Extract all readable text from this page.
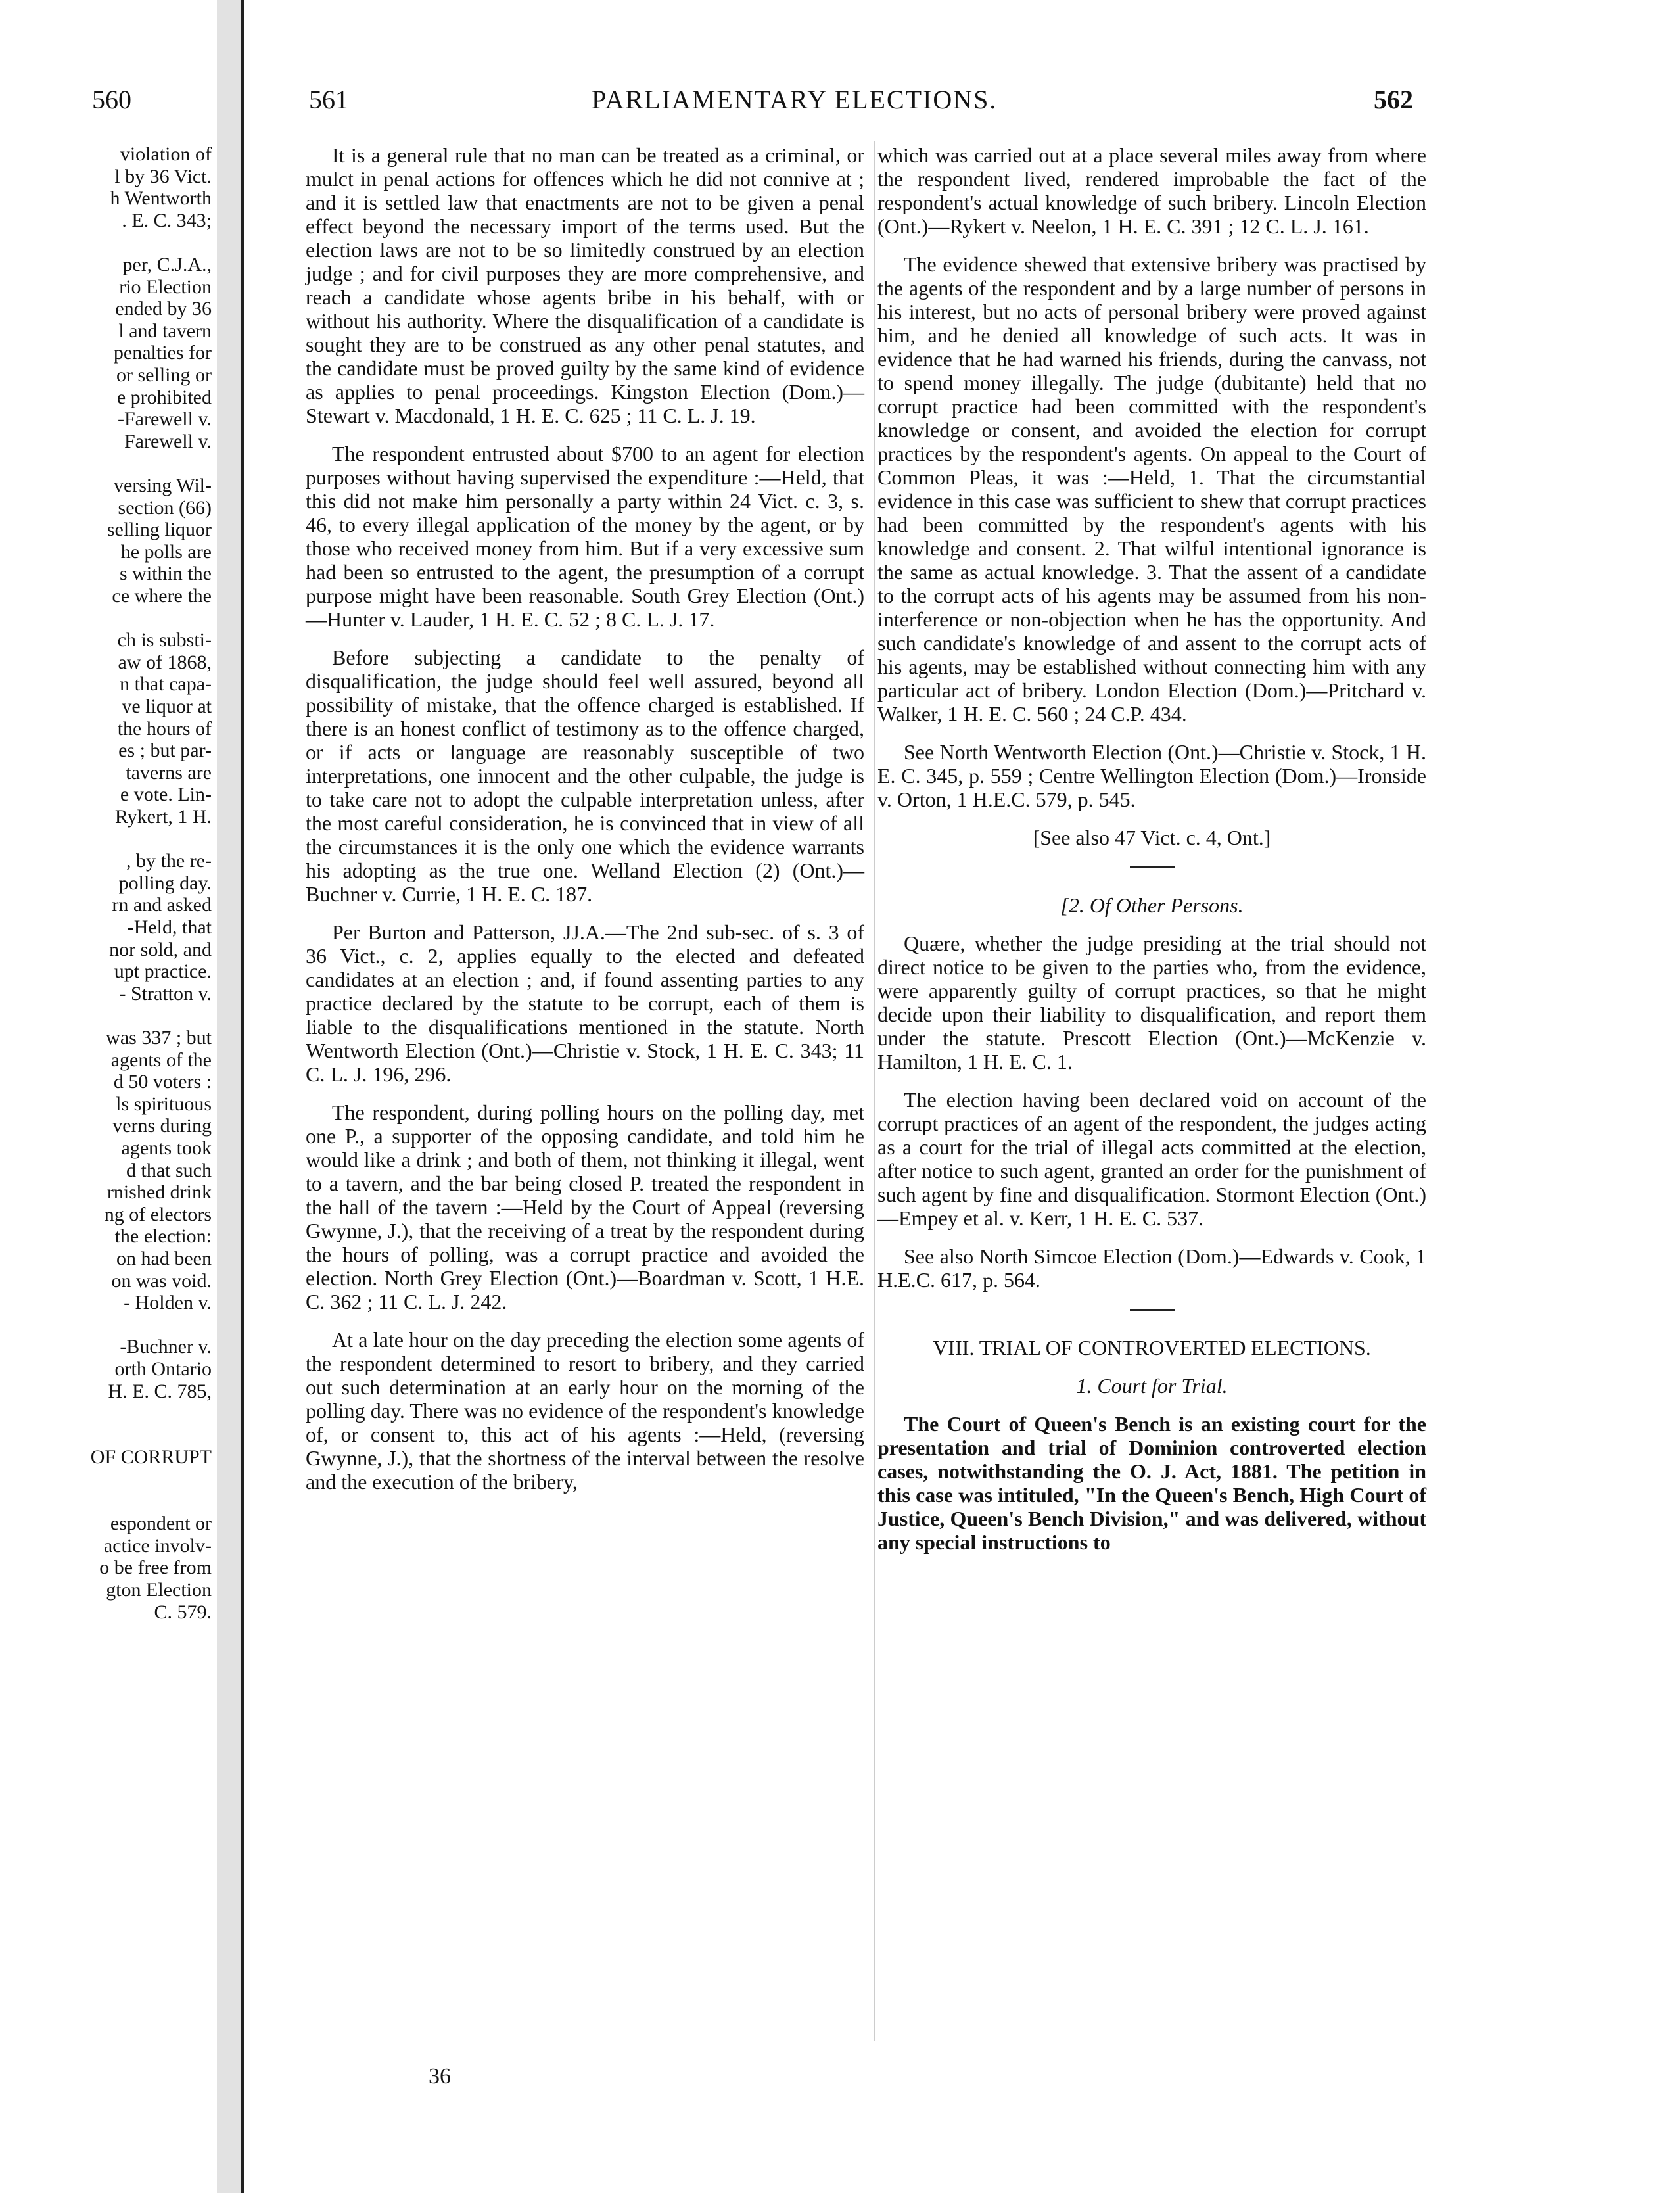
560
violation of
l by 36 Vict.
h Wentworth
. E. C. 343;
per, C.J.A.,
rio Election
ended by 36
l and tavern
penalties for
or selling or
e prohibited
-Farewell v.
Farewell v.
versing Wil-
section (66)
selling liquor
he polls are
s within the
ce where the
ch is substi-
aw of 1868,
n that capa-
ve liquor at
the hours of
es ; but par-
taverns are
e vote. Lin-
Rykert, 1 H.
, by the re-
polling day.
rn and asked
-Held, that
nor sold, and
upt practice.
- Stratton v.
was 337 ; but
agents of the
d 50 voters :
ls spirituous
verns during
agents took
d that such
rnished drink
ng of electors
the election:
on had been
on was void.
- Holden v.
-Buchner v.
orth Ontario
H. E. C. 785,
OF CORRUPT
espondent or
actice involv-
o be free from
gton Election
C. 579.
561	PARLIAMENTARY ELECTIONS.	562

It is a general rule that no man can be treated as a criminal, or mulct in penal actions for offences which he did not connive at ; and it is settled law that enactments are not to be given a penal effect beyond the necessary import of the terms used. But the election laws are not to be so limitedly construed by an election judge ; and for civil purposes they are more comprehensive, and reach a candidate whose agents bribe in his behalf, with or without his authority. Where the disqualification of a candidate is sought they are to be construed as any other penal statutes, and the candidate must be proved guilty by the same kind of evidence as applies to penal proceedings. Kingston Election (Dom.)—Stewart v. Macdonald, 1 H. E. C. 625 ; 11 C. L. J. 19.

The respondent entrusted about $700 to an agent for election purposes without having supervised the expenditure :—Held, that this did not make him personally a party within 24 Vict. c. 3, s. 46, to every illegal application of the money by the agent, or by those who received money from him. But if a very excessive sum had been so entrusted to the agent, the presumption of a corrupt purpose might have been reasonable. South Grey Election (Ont.)—Hunter v. Lauder, 1 H. E. C. 52 ; 8 C. L. J. 17.

Before subjecting a candidate to the penalty of disqualification, the judge should feel well assured, beyond all possibility of mistake, that the offence charged is established. If there is an honest conflict of testimony as to the offence charged, or if acts or language are reasonably susceptible of two interpretations, one innocent and the other culpable, the judge is to take care not to adopt the culpable interpretation unless, after the most careful consideration, he is convinced that in view of all the circumstances it is the only one which the evidence warrants his adopting as the true one. Welland Election (2) (Ont.)—Buchner v. Currie, 1 H. E. C. 187.

Per Burton and Patterson, JJ.A.—The 2nd sub-sec. of s. 3 of 36 Vict., c. 2, applies equally to the elected and defeated candidates at an election ; and, if found assenting parties to any practice declared by the statute to be corrupt, each of them is liable to the disqualifications mentioned in the statute. North Wentworth Election (Ont.)—Christie v. Stock, 1 H. E. C. 343; 11 C. L. J. 196, 296.

The respondent, during polling hours on the polling day, met one P., a supporter of the opposing candidate, and told him he would like a drink ; and both of them, not thinking it illegal, went to a tavern, and the bar being closed P. treated the respondent in the hall of the tavern :—Held by the Court of Appeal (reversing Gwynne, J.), that the receiving of a treat by the respondent during the hours of polling, was a corrupt practice and avoided the election. North Grey Election (Ont.)—Boardman v. Scott, 1 H.E. C. 362 ; 11 C. L. J. 242.

At a late hour on the day preceding the election some agents of the respondent determined to resort to bribery, and they carried out such determination at an early hour on the morning of the polling day. There was no evidence of the respondent's knowledge of, or consent to, this act of his agents :—Held, (reversing Gwynne, J.), that the shortness of the interval between the resolve and the execution of the bribery,

36

which was carried out at a place several miles away from where the respondent lived, rendered improbable the fact of the respondent's actual knowledge of such bribery. Lincoln Election (Ont.)—Rykert v. Neelon, 1 H. E. C. 391 ; 12 C. L. J. 161.

The evidence shewed that extensive bribery was practised by the agents of the respondent and by a large number of persons in his interest, but no acts of personal bribery were proved against him, and he denied all knowledge of such acts. It was in evidence that he had warned his friends, during the canvass, not to spend money illegally. The judge (dubitante) held that no corrupt practice had been committed with the respondent's knowledge or consent, and avoided the election for corrupt practices by the respondent's agents. On appeal to the Court of Common Pleas, it was :—Held, 1. That the circumstantial evidence in this case was sufficient to shew that corrupt practices had been committed by the respondent's agents with his knowledge and consent. 2. That wilful intentional ignorance is the same as actual knowledge. 3. That the assent of a candidate to the corrupt acts of his agents may be assumed from his non-interference or non-objection when he has the opportunity. And such candidate's knowledge of and assent to the corrupt acts of his agents, may be established without connecting him with any particular act of bribery. London Election (Dom.)—Pritchard v. Walker, 1 H. E. C. 560 ; 24 C.P. 434.

See North Wentworth Election (Ont.)—Christie v. Stock, 1 H. E. C. 345, p. 559 ; Centre Wellington Election (Dom.)—Ironside v. Orton, 1 H.E.C. 579, p. 545.

[See also 47 Vict. c. 4, Ont.]

[2. Of Other Persons.

Quære, whether the judge presiding at the trial should not direct notice to be given to the parties who, from the evidence, were apparently guilty of corrupt practices, so that he might decide upon their liability to disqualification, and report them under the statute. Prescott Election (Ont.)—McKenzie v. Hamilton, 1 H. E. C. 1.

The election having been declared void on account of the corrupt practices of an agent of the respondent, the judges acting as a court for the trial of illegal acts committed at the election, after notice to such agent, granted an order for the punishment of such agent by fine and disqualification. Stormont Election (Ont.)—Empey et al. v. Kerr, 1 H. E. C. 537.

See also North Simcoe Election (Dom.)—Edwards v. Cook, 1 H.E.C. 617, p. 564.

VIII. TRIAL OF CONTROVERTED ELECTIONS.
1. Court for Trial.

The Court of Queen's Bench is an existing court for the presentation and trial of Dominion controverted election cases, notwithstanding the O. J. Act, 1881. The petition in this case was intituled, "In the Queen's Bench, High Court of Justice, Queen's Bench Division," and was delivered, without any special instructions to
